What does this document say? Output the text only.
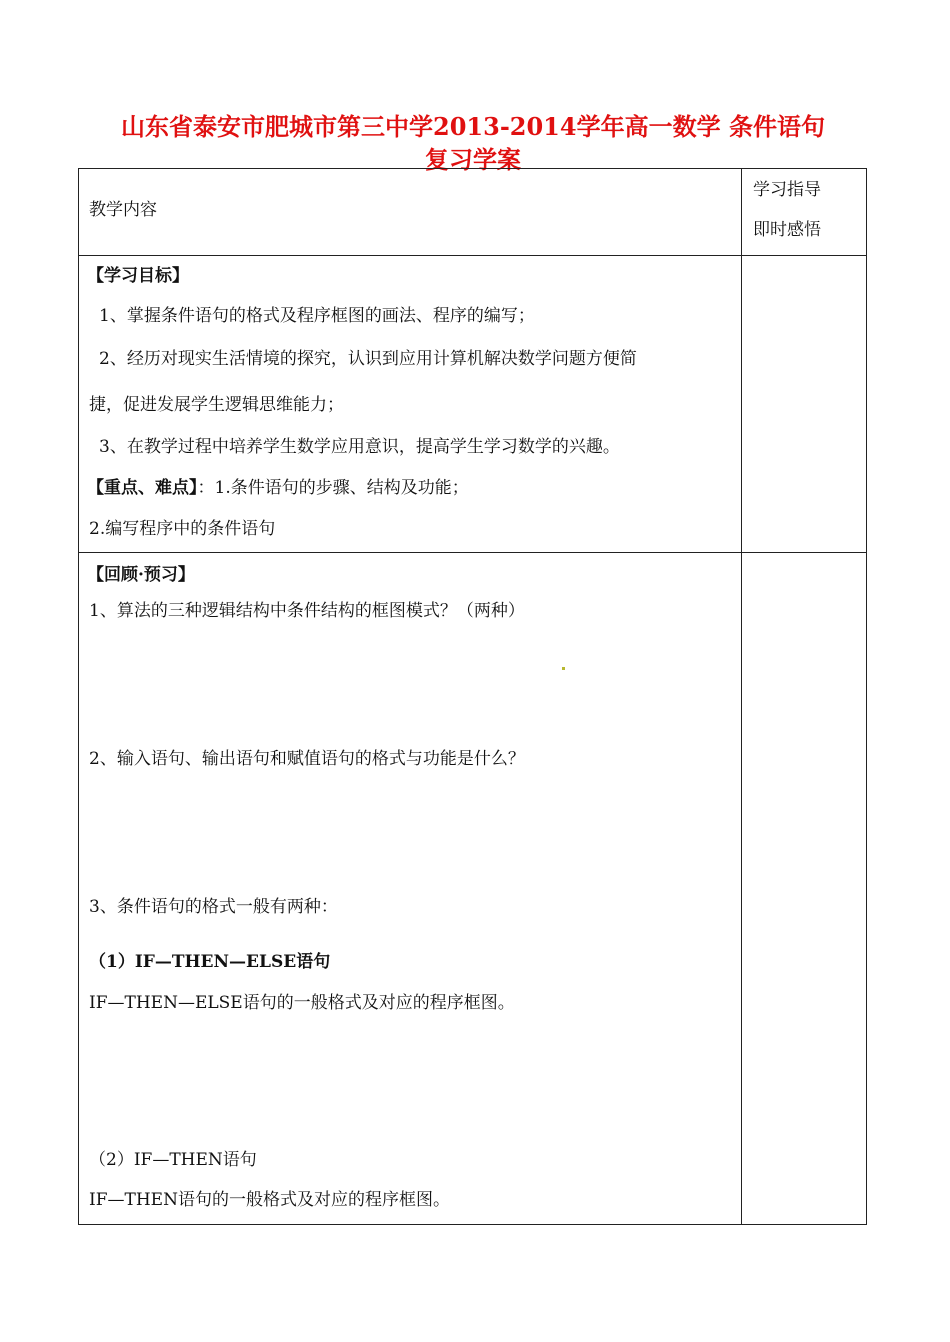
山东省泰安市肥城市第三中学2013-2014学年高一数学 条件语句
复习学案
教学内容
学习指导
即时感悟
【学习目标】
1、掌握条件语句的格式及程序框图的画法、程序的编写；
2、经历对现实生活情境的探究，认识到应用计算机解决数学问题方便简
捷，促进发展学生逻辑思维能力；
3、在教学过程中培养学生数学应用意识，提高学生学习数学的兴趣。
【重点、难点】：1.条件语句的步骤、结构及功能；
2.编写程序中的条件语句
【回顾·预习】
1、算法的三种逻辑结构中条件结构的框图模式？（两种）
2、输入语句、输出语句和赋值语句的格式与功能是什么？
3、条件语句的格式一般有两种：
（1）IF—THEN—ELSE语句
IF—THEN—ELSE语句的一般格式及对应的程序框图。
（2）IF—THEN语句
IF—THEN语句的一般格式及对应的程序框图。
